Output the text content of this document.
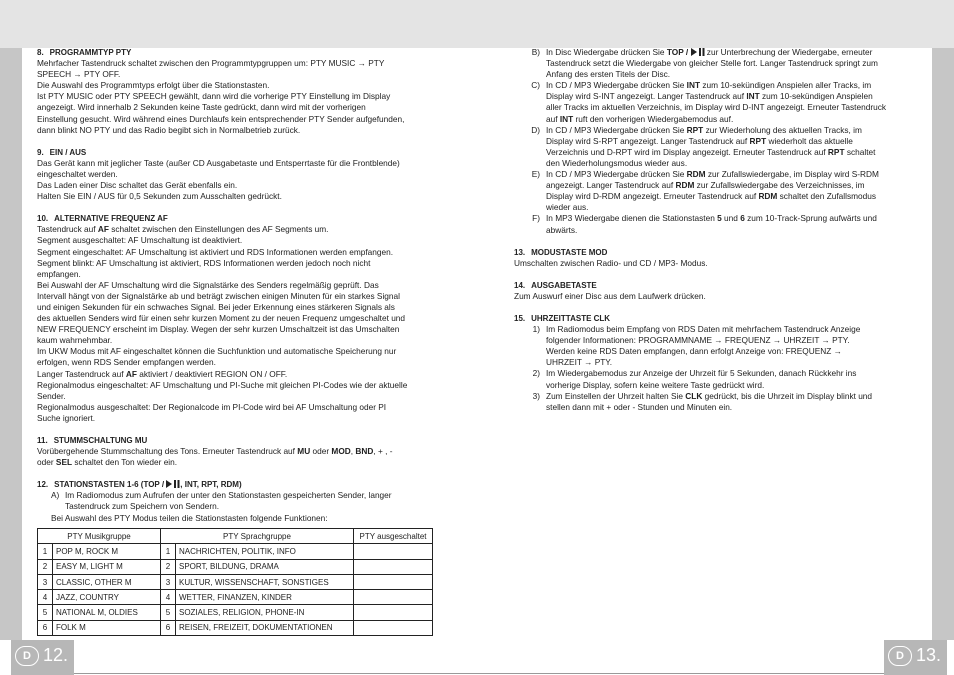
D 12.	D 13.
8. PROGRAMMTYP PTY
Mehrfacher Tastendruck schaltet zwischen den Programmtypgruppen um: PTY MUSIC → PTY
SPEECH → PTY OFF.
Die Auswahl des Programmtyps erfolgt über die Stationstasten.
Ist PTY MUSIC oder PTY SPEECH gewählt, dann wird die vorherige PTY Einstellung im Display
angezeigt. Wird innerhalb 2 Sekunden keine Taste gedrückt, dann wird mit der vorherigen
Einstellung gesucht. Wird während eines Durchlaufs kein entsprechender PTY Sender aufgefunden,
dann blinkt NO PTY und das Radio begibt sich in Normalbetrieb zurück.
9. EIN / AUS
Das Gerät kann mit jeglicher Taste (außer CD Ausgabetaste und Entsperrtaste für die Frontblende)
eingeschaltet werden.
Das Laden einer Disc schaltet das Gerät ebenfalls ein.
Halten Sie EIN / AUS für 0,5 Sekunden zum Ausschalten gedrückt.
10. ALTERNATIVE FREQUENZ AF
Tastendruck auf AF schaltet zwischen den Einstellungen des AF Segments um.
Segment ausgeschaltet: AF Umschaltung ist deaktiviert.
Segment eingeschaltet: AF Umschaltung ist aktiviert und RDS Informationen werden empfangen.
Segment blinkt: AF Umschaltung ist aktiviert, RDS Informationen werden jedoch noch nicht
empfangen.
Bei Auswahl der AF Umschaltung wird die Signalstärke des Senders regelmäßig geprüft. Das
Intervall hängt von der Signalstärke ab und beträgt zwischen einigen Minuten für ein starkes Signal
und einigen Sekunden für ein schwaches Signal. Bei jeder Erkennung eines stärkeren Signals als
des aktuellen Senders wird für einen sehr kurzen Moment zu der neuen Frequenz umgeschaltet und
NEW FREQUENCY erscheint im Display. Wegen der sehr kurzen Umschaltzeit ist das Umschalten
kaum wahrnehmbar.
Im UKW Modus mit AF eingeschaltet können die Suchfunktion und automatische Speicherung nur
erfolgen, wenn RDS Sender empfangen werden.
Langer Tastendruck auf AF aktiviert / deaktiviert REGION ON / OFF.
Regionalmodus eingeschaltet: AF Umschaltung und PI-Suche mit gleichen PI-Codes wie der aktuelle
Sender.
Regionalmodus ausgeschaltet: Der Regionalcode im PI-Code wird bei AF Umschaltung oder PI
Suche ignoriert.
11. STUMMSCHALTUNG MU
Vorübergehende Stummschaltung des Tons. Erneuter Tastendruck auf MU oder MOD, BND, + , -
oder SEL schaltet den Ton wieder ein.
12. STATIONSTASTEN 1-6 (TOP / , INT, RPT, RDM)
A) Im Radiomodus zum Aufrufen der unter den Stationstasten gespeicherten Sender, langer
Tastendruck zum Speichern von Sendern.
Bei Auswahl des PTY Modus teilen die Stationstasten folgende Funktionen:
PTY Musikgruppe		PTY Sprachgruppe		PTY ausgeschaltet
1	POP M, ROCK M	1	NACHRICHTEN, POLITIK, INFO	
2	EASY M, LIGHT M	2	SPORT, BILDUNG, DRAMA	
3	CLASSIC, OTHER M	3	KULTUR, WISSENSCHAFT, SONSTIGES	
4	JAZZ, COUNTRY	4	WETTER, FINANZEN, KINDER	
5	NATIONAL M, OLDIES	5	SOZIALES, RELIGION, PHONE-IN	
6	FOLK M	6	REISEN, FREIZEIT, DOKUMENTATIONEN	
B) In Disc Wiedergabe drücken Sie TOP /  zur Unterbrechung der Wiedergabe, erneuter
Tastendruck setzt die Wiedergabe von gleicher Stelle fort. Langer Tastendruck springt zum
Anfang des ersten Titels der Disc.
C) In CD / MP3 Wiedergabe drücken Sie INT zum 10-sekündigen Anspielen aller Tracks, im
Display wird S-INT angezeigt. Langer Tastendruck auf INT zum 10-sekündigen Anspielen
aller Tracks im aktuellen Verzeichnis, im Display wird D-INT angezeigt. Erneuter Tastendruck
auf INT ruft den vorherigen Wiedergabemodus auf.
D) In CD / MP3 Wiedergabe drücken Sie RPT zur Wiederholung des aktuellen Tracks, im
Display wird S-RPT angezeigt. Langer Tastendruck auf RPT wiederholt das aktuelle
Verzeichnis und D-RPT wird im Display angezeigt. Erneuter Tastendruck auf RPT schaltet
den Wiederholungsmodus wieder aus.
E) In CD / MP3 Wiedergabe drücken Sie RDM zur Zufallswiedergabe, im Display wird S-RDM
angezeigt. Langer Tastendruck auf RDM zur Zufallswiedergabe des Verzeichnisses, im
Display wird D-RDM angezeigt. Erneuter Tastendruck auf RDM schaltet den Zufallsmodus
wieder aus.
F) In MP3 Wiedergabe dienen die Stationstasten 5 und 6 zum 10-Track-Sprung aufwärts und
abwärts.
13. MODUSTASTE MOD
Umschalten zwischen Radio- und CD / MP3- Modus.
14. AUSGABETASTE
Zum Auswurf einer Disc aus dem Laufwerk drücken.
15. UHRZEITTASTE CLK
1) Im Radiomodus beim Empfang von RDS Daten mit mehrfachem Tastendruck Anzeige
folgender Informationen: PROGRAMMNAME → FREQUENZ → UHRZEIT → PTY.
Werden keine RDS Daten empfangen, dann erfolgt Anzeige von: FREQUENZ →
UHRZEIT → PTY.
2) Im Wiedergabemodus zur Anzeige der Uhrzeit für 5 Sekunden, danach Rückkehr ins
vorherige Display, sofern keine weitere Taste gedrückt wird.
3) Zum Einstellen der Uhrzeit halten Sie CLK gedrückt, bis die Uhrzeit im Display blinkt und
stellen dann mit + oder - Stunden und Minuten ein.
